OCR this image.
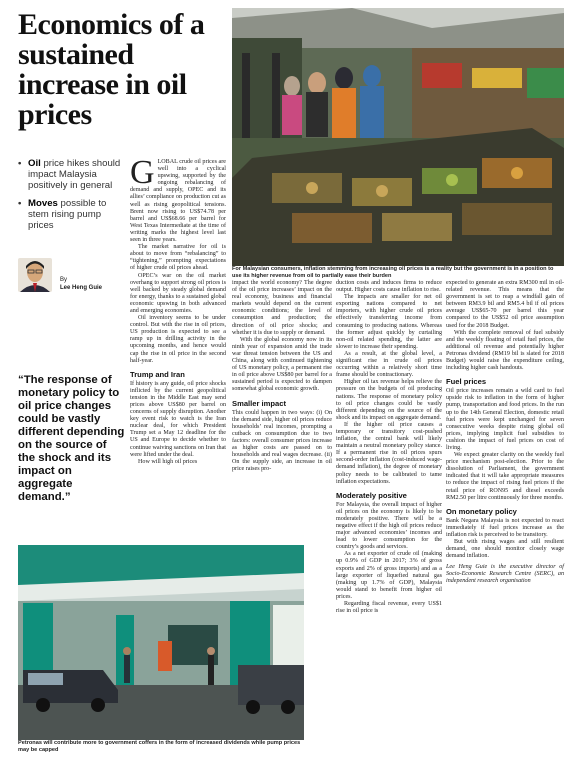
Economics of a sustained increase in oil prices
• Oil price hikes should impact Malaysia positively in general
• Moves possible to stem rising pump prices
By
Lee Heng Guie
“The response of monetary policy to oil price changes could be vastly different depending on the source of the shock and its impact on aggregate demand.”
For Malaysian consumers, inflation stemming from increasing oil prices is a reality but the government is in a position to use its higher revenue from oil to partially ease their burden
Petronas will contribute more to government coffers in the form of increased dividends while pump prices may be capped

GLOBAL crude oil prices are well into a cyclical upswing, supported by the ongoing rebalancing of demand and supply, OPEC and its allies’ compliance on production cut as well as rising geopolitical tensions. Brent now rising to US$74.78 per barrel and US$68.66 per barrel for West Texas Intermediate at the time of writing marks the highest level last seen in three years.

The market narrative for oil is about to move from “rebalancing” to “tightening,” prompting expectations of higher crude oil prices ahead.

OPEC’s war on the oil market overhang to support strong oil prices is well backed by steady global demand for energy, thanks to a sustained global economic upswing in both advanced and emerging economies.

Oil inventory seems to be under control. But with the rise in oil prices, US production is expected to see a ramp up in drilling activity in the upcoming months, and hence would cap the rise in oil price in the second half-year.

Trump and Iran

If history is any guide, oil price shocks inflicted by the current geopolitical tension in the Middle East may send prices above US$80 per barrel on concerns of supply disruption. Another key event risk to watch is the Iran nuclear deal, for which President Trump set a May 12 deadline for the US and Europe to decide whether to continue waiving sanctions on Iran that were lifted under the deal.

How will high oil prices

impact the world economy? The degree of the oil price increases’ impact on the real economy, business and financial markets would depend on the current economic conditions; the level of consumption and production; the direction of oil price shocks; and whether it is due to supply or demand.

With the global economy now in its ninth year of expansion amid the trade war threat tension between the US and China, along with continued tightening of US monetary policy, a permanent rise in oil price above US$80 per barrel for a sustained period is expected to dampen somewhat global economic growth.

Smaller impact

This could happen in two ways: (i) On the demand side, higher oil prices reduce households’ real incomes, prompting a cutback on consumption due to two factors: overall consumer prices increase as higher costs are passed on to households and real wages decrease. (ii) On the supply side, an increase in oil price raises pro-

duction costs and induces firms to reduce output. Higher costs cause inflation to rise.

The impacts are smaller for net oil exporting nations compared to net importers, with higher crude oil prices effectively transferring income from consuming to producing nations. Whereas the former adjust quickly by curtailing non-oil related spending, the latter are slower to increase their spending.

As a result, at the global level, a significant rise in crude oil prices occurring within a relatively short time frame should be contractionary.

Higher oil tax revenue helps relieve the pressure on the budgets of oil producing nations. The response of monetary policy to oil price changes could be vastly different depending on the source of the shock and its impact on aggregate demand.

If the higher oil price causes a temporary or transitory cost-pushed inflation, the central bank will likely maintain a neutral monetary policy stance. If a permanent rise in oil prices spurs second-order inflation (cost-induced wage-demand inflation), the degree of monetary policy needs to be calibrated to tame inflation expectations.

Moderately positive

For Malaysia, the overall impact of higher oil prices on the economy is likely to be moderately positive. There will be a negative effect if the high oil prices reduce major advanced economies’ incomes and lead to lower consumption for the country’s goods and services.

As a net exporter of crude oil (making up 0.9% of GDP in 2017; 3% of gross exports and 2% of gross imports) and as a large exporter of liquefied natural gas (making up 1.7% of GDP), Malaysia would stand to benefit from higher oil prices.

Regarding fiscal revenue, every US$1 rise in oil price is

expected to generate an extra RM300 mil in oil-related revenue. This means that the government is set to reap a windfall gain of between RM3.9 bil and RM5.4 bil if oil prices average US$65-70 per barrel this year compared to the US$52 oil price assumption used for the 2018 Budget.

With the complete removal of fuel subsidy and the weekly floating of retail fuel prices, the additional oil revenue and potentially higher Petronas dividend (RM19 bil is slated for 2018 Budget) would raise the expenditure ceiling, including higher cash handouts.

Fuel prices

Oil price increases remain a wild card to fuel upside risk to inflation in the form of higher pump, transportation and food prices. In the run up to the 14th General Election, domestic retail fuel prices were kept unchanged for seven consecutive weeks despite rising global oil prices, implying implicit fuel subsidies to cushion the impact of fuel prices on cost of living.

We expect greater clarity on the weekly fuel price mechanism post-election. Prior to the dissolution of Parliament, the government indicated that it will take appropriate measures to reduce the impact of rising fuel prices if the retail price of RON95 and diesel exceeds RM2.50 per litre continuously for three months.

On monetary policy

Bank Negara Malaysia is not expected to react immediately if fuel prices increase as the inflation risk is perceived to be transitory.

But with rising wages and still resilient demand, one should monitor closely wage demand inflation.

Lee Heng Guie is the executive director of Socio-Economic Research Centre (SERC), an independent research organisation
